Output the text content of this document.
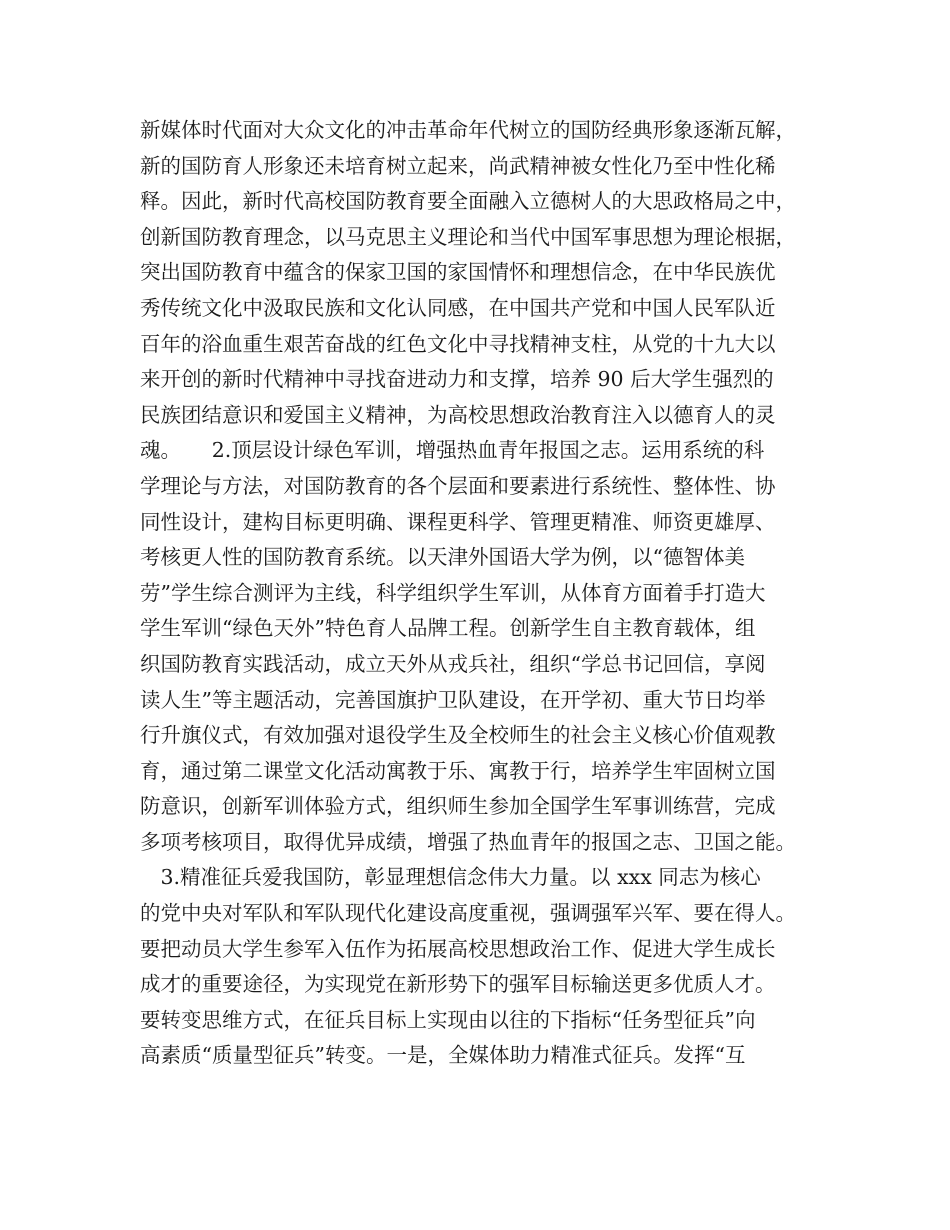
新媒体时代面对大众文化的冲击革命年代树立的国防经典形象逐渐瓦解，
新的国防育人形象还未培育树立起来，尚武精神被女性化乃至中性化稀
释。因此，新时代高校国防教育要全面融入立德树人的大思政格局之中，
创新国防教育理念，以马克思主义理论和当代中国军事思想为理论根据，
突出国防教育中蕴含的保家卫国的家国情怀和理想信念，在中华民族优
秀传统文化中汲取民族和文化认同感，在中国共产党和中国人民军队近
百年的浴血重生艰苦奋战的红色文化中寻找精神支柱，从党的十九大以
来开创的新时代精神中寻找奋进动力和支撑，培养 90 后大学生强烈的
民族团结意识和爱国主义精神，为高校思想政治教育注入以德育人的灵
魂。　　2.顶层设计绿色军训，增强热血青年报国之志。运用系统的科
学理论与方法，对国防教育的各个层面和要素进行系统性、整体性、协
同性设计，建构目标更明确、课程更科学、管理更精准、师资更雄厚、
考核更人性的国防教育系统。以天津外国语大学为例，以“德智体美
劳”学生综合测评为主线，科学组织学生军训，从体育方面着手打造大
学生军训“绿色天外”特色育人品牌工程。创新学生自主教育载体，组
织国防教育实践活动，成立天外从戎兵社，组织“学总书记回信，享阅
读人生”等主题活动，完善国旗护卫队建设，在开学初、重大节日均举
行升旗仪式，有效加强对退役学生及全校师生的社会主义核心价值观教
育，通过第二课堂文化活动寓教于乐、寓教于行，培养学生牢固树立国
防意识，创新军训体验方式，组织师生参加全国学生军事训练营，完成
多项考核项目，取得优异成绩，增强了热血青年的报国之志、卫国之能。
　3.精准征兵爱我国防，彰显理想信念伟大力量。以 xxx 同志为核心
的党中央对军队和军队现代化建设高度重视，强调强军兴军、要在得人。
要把动员大学生参军入伍作为拓展高校思想政治工作、促进大学生成长
成才的重要途径，为实现党在新形势下的强军目标输送更多优质人才。
要转变思维方式，在征兵目标上实现由以往的下指标“任务型征兵”向
高素质“质量型征兵”转变。一是，全媒体助力精准式征兵。发挥“互
